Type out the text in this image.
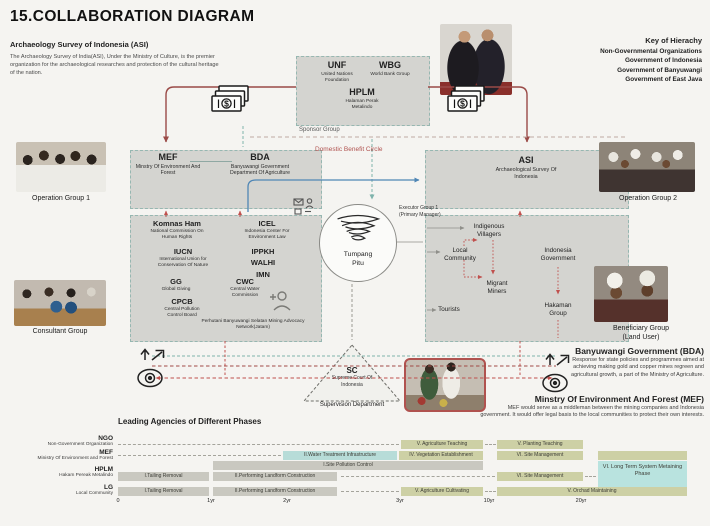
15.COLLABORATION DIAGRAM
Archaeology Survey of Indonesia (ASI)
The Archaeology Survey of India(ASI), Under the Ministry of Culture, is the premier organization for the archaeological researches and protection of the cultural heritage of the nation.
Key of Hierachy
Non-Governmental Organizations
Government of Indonesia
Government of Banyuwangi
Government of East Java
UNF
United Nations Foundation
WBG
World Bank Group
HPLM
Halaman Perak Metalindo
Sponsor Group
Domestic Benefit Circle
MEF
Minstry Of Environment And Forest
BDA
Banyuwangi Government Department Of Agriculture
ASI
Archaeological Survey Of Indonesia
Komnas Ham
National Commission On Human Rights
ICEL
Indonesia Center For Environment Law
IUCN
International Union for Conservation Of Nature
IPPKH
WALHI
IMN
GG
Global Giving
CWC
Central Water Commission
CPCB
Central Pollution Control Board
Perhutani Banyuwangi Selatan Mining Advocacy Network(Jatam)
Indigenous Villagers
Local Community
Indonesia Government
Migrant Miners
Tourists
Hakaman Group
Tumpang
Pitu
Executor Group 1
(Primary Manager)
SC
Supreme Court Of Indonesia
Supervision Department
Operation Group 1	Operation Group 2
Consultant Group	Beneficiary Group
(Land User)
Banyuwangi Government (BDA)
Response for state policies and programmes aimed at achieving making gold and copper mines regreen and agricultural growth, a part of the Ministry of Agriculture.
Minstry Of Environment And Forest (MEF)
MEF would serve as a middleman between the mining companies and Indonesia government. It would offer legal basis to the local communities to protect their own interests.
$	$
Leading Agencies of Different Phases
NGO
Non-Government Organization
MEF
Ministry Of Environment and Forest
HPLM
Hakam Pereak Metalindo
LG
Local Community
V. Agriculture Teaching	V. Planting Teaching
II.Water Treatment Infrastructure	IV. Vegetation Establishment	VI. Site Management
I.Site Pollution Control
I.Tailing Removal	II.Performing Landform Construction	VI. Site Management
VI. Long Term System Metaining Phase
I.Tailing Removal	II.Performing Landform Construction	V. Agriculture Cultivating	V. Orchad Maintaining
0	1yr	2yr	3yr	10yr	20yr
